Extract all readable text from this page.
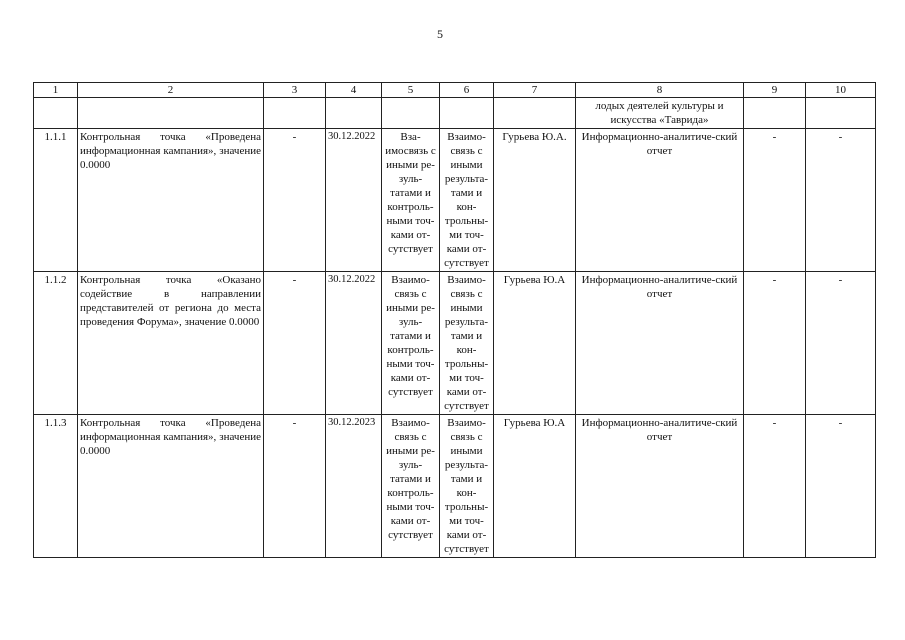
5
1	2	3	4	5	6	7	8	9	10
							лодых деятелей культуры и искусства «Таврида»		
1.1.1	Контрольная точка «Проведена информационная кампания», значение 0.0000	-	30.12.2022	Вза-имосвязь с иными ре-зуль-татами и контроль-ными точ-ками от-сутствует	Взаимо-связь с иными результа-тами и кон-трольны-ми точ-ками от-сутствует	Гурьева Ю.А.	Информационно-аналитиче-ский отчет	-	-
1.1.2	Контрольная точка «Оказано содействие в направлении представителей от региона до места проведения Форума», значение 0.0000	-	30.12.2022	Взаимо-связь с иными ре-зуль-татами и контроль-ными точ-ками от-сутствует	Взаимо-связь с иными результа-тами и кон-трольны-ми точ-ками от-сутствует	Гурьева Ю.А	Информационно-аналитиче-ский отчет	-	-
1.1.3	Контрольная точка «Проведена информационная кампания», значение 0.0000	-	30.12.2023	Взаимо-связь с иными ре-зуль-татами и контроль-ными точ-ками от-сутствует	Взаимо-связь с иными результа-тами и кон-трольны-ми точ-ками от-сутствует	Гурьева Ю.А	Информационно-аналитиче-ский отчет	-	-
